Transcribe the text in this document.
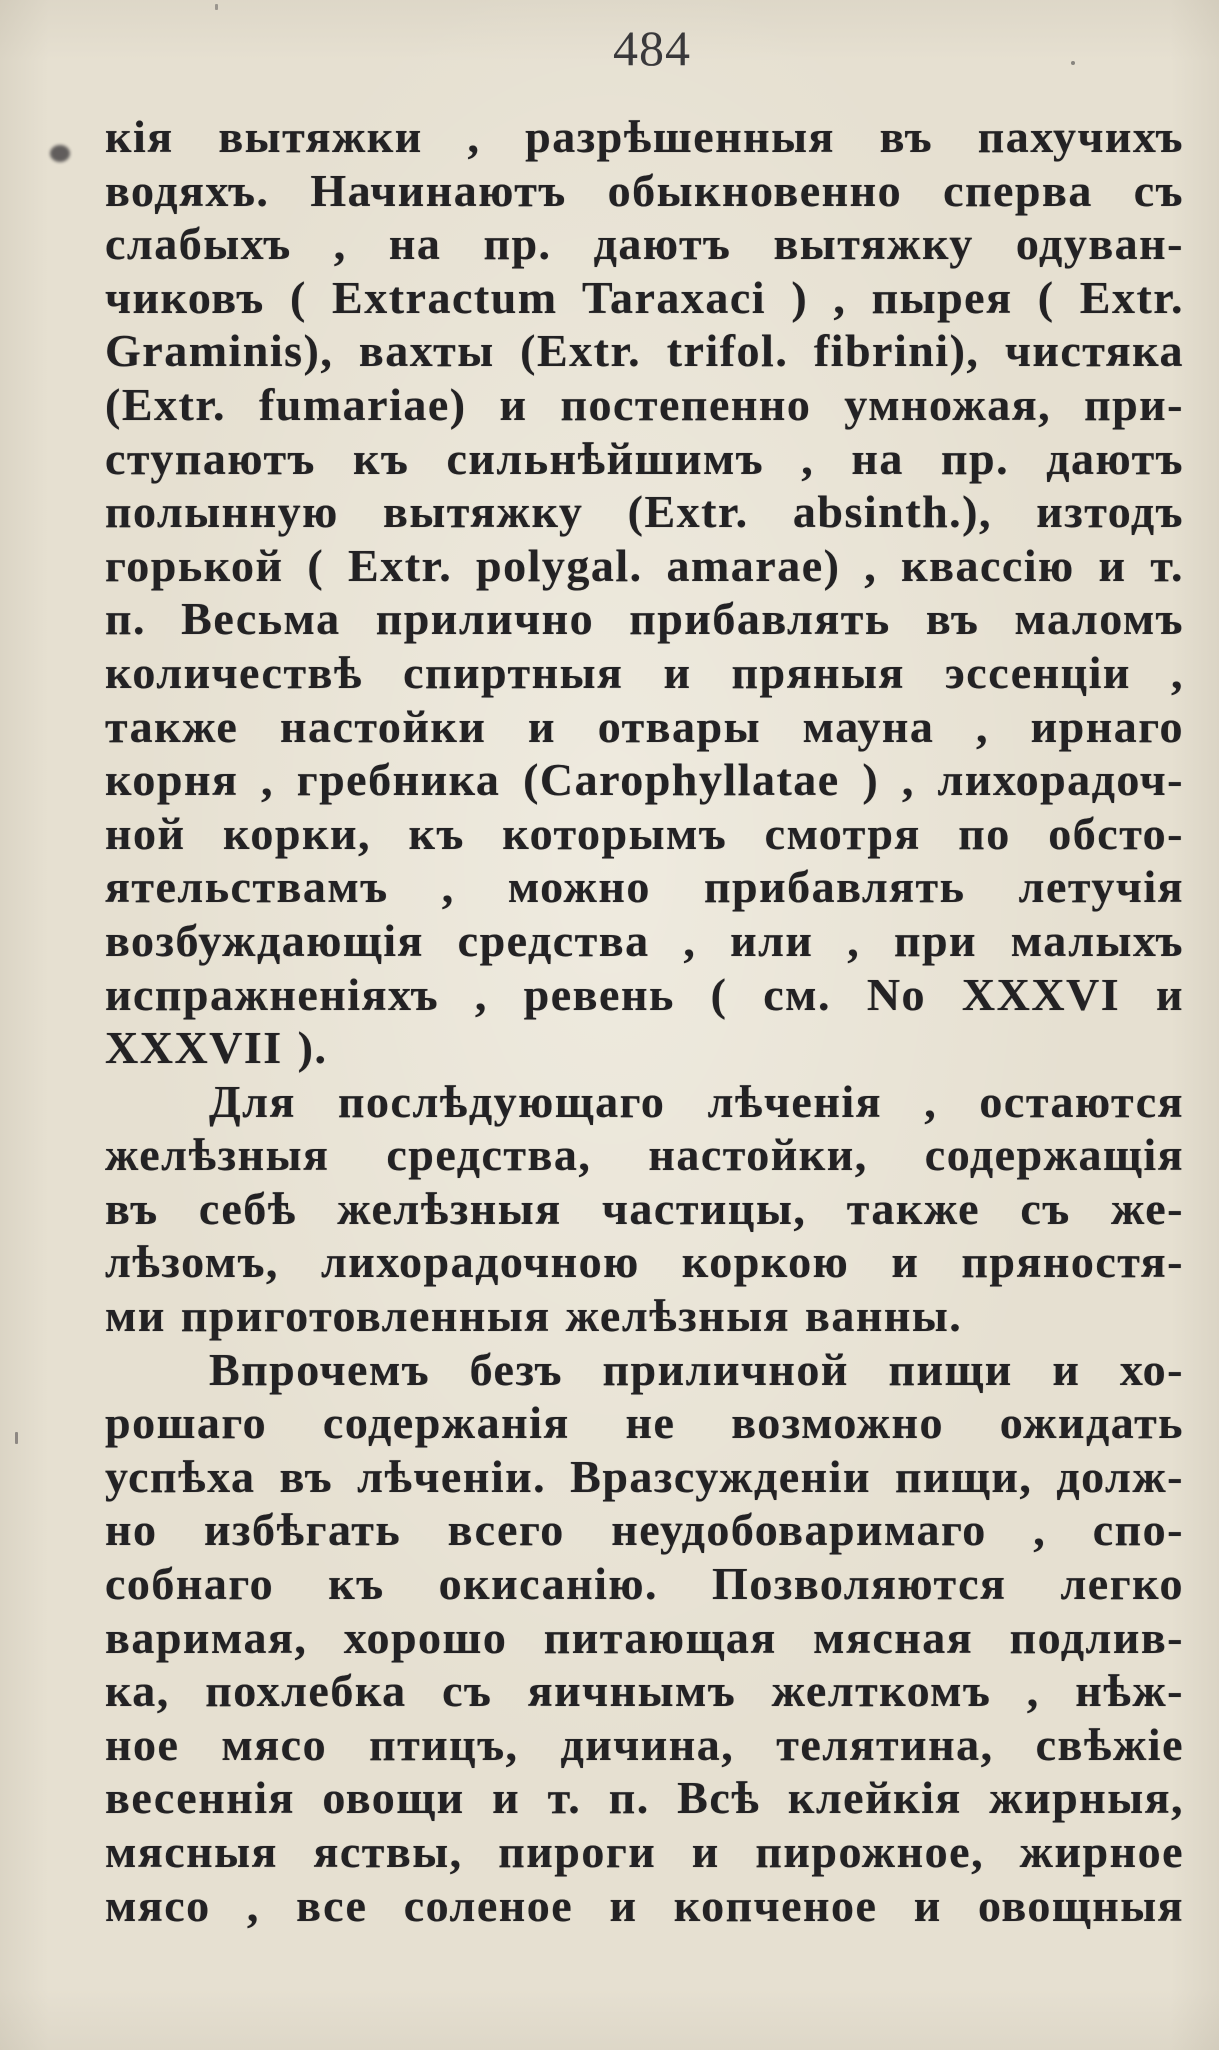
484
кія вытяжки , разрѣшенныя въ пахучихъ
водяхъ. Начинаютъ обыкновенно сперва съ
слабыхъ , на пр. даютъ вытяжку одуван-
чиковъ ( Extractum Taraxaci ) , пырея ( Extr.
Graminis), вахты (Extr. trifol. fibrini), чистяка
(Extr. fumariae) и постепенно умножая, при-
ступаютъ къ сильнѣйшимъ , на пр. даютъ
полынную вытяжку (Extr. absinth.), изтодъ
горькой ( Extr. polygal. amarae) , квассію и т.
п. Весьма прилично прибавлять въ маломъ
количествѣ спиртныя и пряныя эссенціи ,
также настойки и отвары мауна , ирнаго
корня , гребника (Carophyllatae ) , лихорадоч-
ной корки, къ которымъ смотря по обсто-
ятельствамъ , можно прибавлять летучія
возбуждающія средства , или , при малыхъ
испражненіяхъ , ревень ( см. No XXXVI и
XXXVII ).
Для послѣдующаго лѣченія , остаются
желѣзныя средства, настойки, содержащія
въ себѣ желѣзныя частицы, также съ же-
лѣзомъ, лихорадочною коркою и пряностя-
ми приготовленныя желѣзныя ванны.
Впрочемъ безъ приличной пищи и хо-
рошаго содержанія не возможно ожидать
успѣха въ лѣченіи. Вразсужденіи пищи, долж-
но избѣгать всего неудобоваримаго , спо-
собнаго къ окисанію. Позволяются легко
варимая, хорошо питающая мясная подлив-
ка, похлебка съ яичнымъ желткомъ , нѣж-
ное мясо птицъ, дичина, телятина, свѣжіе
весеннія овощи и т. п. Всѣ клейкія жирныя,
мясныя яствы, пироги и пирожное, жирное
мясо , все соленое и копченое и овощныя
